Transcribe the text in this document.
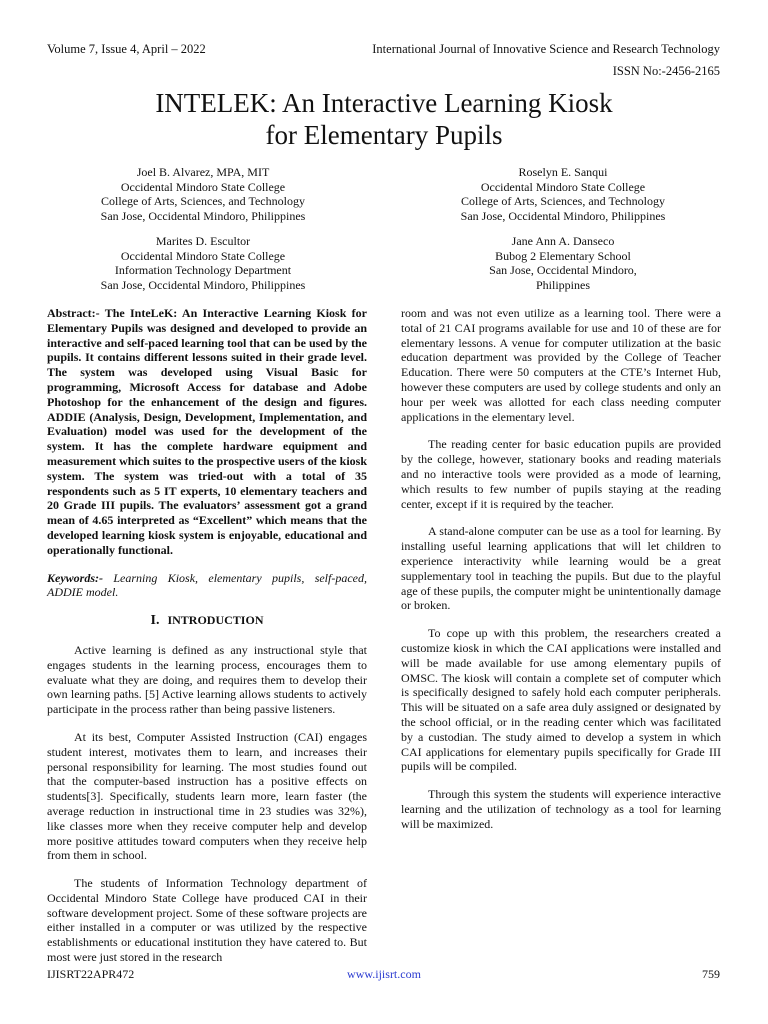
Volume 7, Issue 4, April – 2022	International Journal of Innovative Science and Research Technology
ISSN No:-2456-2165
INTELEK: An Interactive Learning Kiosk
for Elementary Pupils
Joel B. Alvarez, MPA, MIT
Occidental Mindoro State College
College of Arts, Sciences, and Technology
San Jose, Occidental Mindoro, Philippines
Roselyn E. Sanqui
Occidental Mindoro State College
College of Arts, Sciences, and Technology
San Jose, Occidental Mindoro, Philippines
Marites D. Escultor
Occidental Mindoro State College
Information Technology Department
San Jose, Occidental Mindoro, Philippines
Jane Ann A. Danseco
Bubog 2 Elementary School
San Jose, Occidental Mindoro,
Philippines

Abstract:- The InteLeK: An Interactive Learning Kiosk for Elementary Pupils was designed and developed to provide an interactive and self-paced learning tool that can be used by the pupils. It contains different lessons suited in their grade level. The system was developed using Visual Basic for programming, Microsoft Access for database and Adobe Photoshop for the enhancement of the design and figures. ADDIE (Analysis, Design, Development, Implementation, and Evaluation) model was used for the development of the system. It has the complete hardware equipment and measurement which suites to the prospective users of the kiosk system. The system was tried-out with a total of 35 respondents such as 5 IT experts, 10 elementary teachers and 20 Grade III pupils. The evaluators’ assessment got a grand mean of 4.65 interpreted as “Excellent” which means that the developed learning kiosk system is enjoyable, educational and operationally functional.

Keywords:- Learning Kiosk, elementary pupils, self-paced, ADDIE model.

I. INTRODUCTION

Active learning is defined as any instructional style that engages students in the learning process, encourages them to evaluate what they are doing, and requires them to develop their own learning paths. [5] Active learning allows students to actively participate in the process rather than being passive listeners.

At its best, Computer Assisted Instruction (CAI) engages student interest, motivates them to learn, and increases their personal responsibility for learning. The most studies found out that the computer-based instruction has a positive effects on students[3]. Specifically, students learn more, learn faster (the average reduction in instructional time in 23 studies was 32%), like classes more when they receive computer help and develop more positive attitudes toward computers when they receive help from them in school.

The students of Information Technology department of Occidental Mindoro State College have produced CAI in their software development project. Some of these software projects are either installed in a computer or was utilized by the respective establishments or educational institution they have catered to. But most were just stored in the research

room and was not even utilize as a learning tool. There were a total of 21 CAI programs available for use and 10 of these are for elementary lessons. A venue for computer utilization at the basic education department was provided by the College of Teacher Education. There were 50 computers at the CTE’s Internet Hub, however these computers are used by college students and only an hour per week was allotted for each class needing computer applications in the elementary level.

The reading center for basic education pupils are provided by the college, however, stationary books and reading materials and no interactive tools were provided as a mode of learning, which results to few number of pupils staying at the reading center, except if it is required by the teacher.

A stand-alone computer can be use as a tool for learning. By installing useful learning applications that will let children to experience interactivity while learning would be a great supplementary tool in teaching the pupils. But due to the playful age of these pupils, the computer might be unintentionally damage or broken.

To cope up with this problem, the researchers created a customize kiosk in which the CAI applications were installed and will be made available for use among elementary pupils of OMSC. The kiosk will contain a complete set of computer which is specifically designed to safely hold each computer peripherals. This will be situated on a safe area duly assigned or designated by the school official, or in the reading center which was facilitated by a custodian. The study aimed to develop a system in which CAI applications for elementary pupils specifically for Grade III pupils will be compiled.

Through this system the students will experience interactive learning and the utilization of technology as a tool for learning will be maximized.

IJISRT22APR472	www.ijisrt.com	759
